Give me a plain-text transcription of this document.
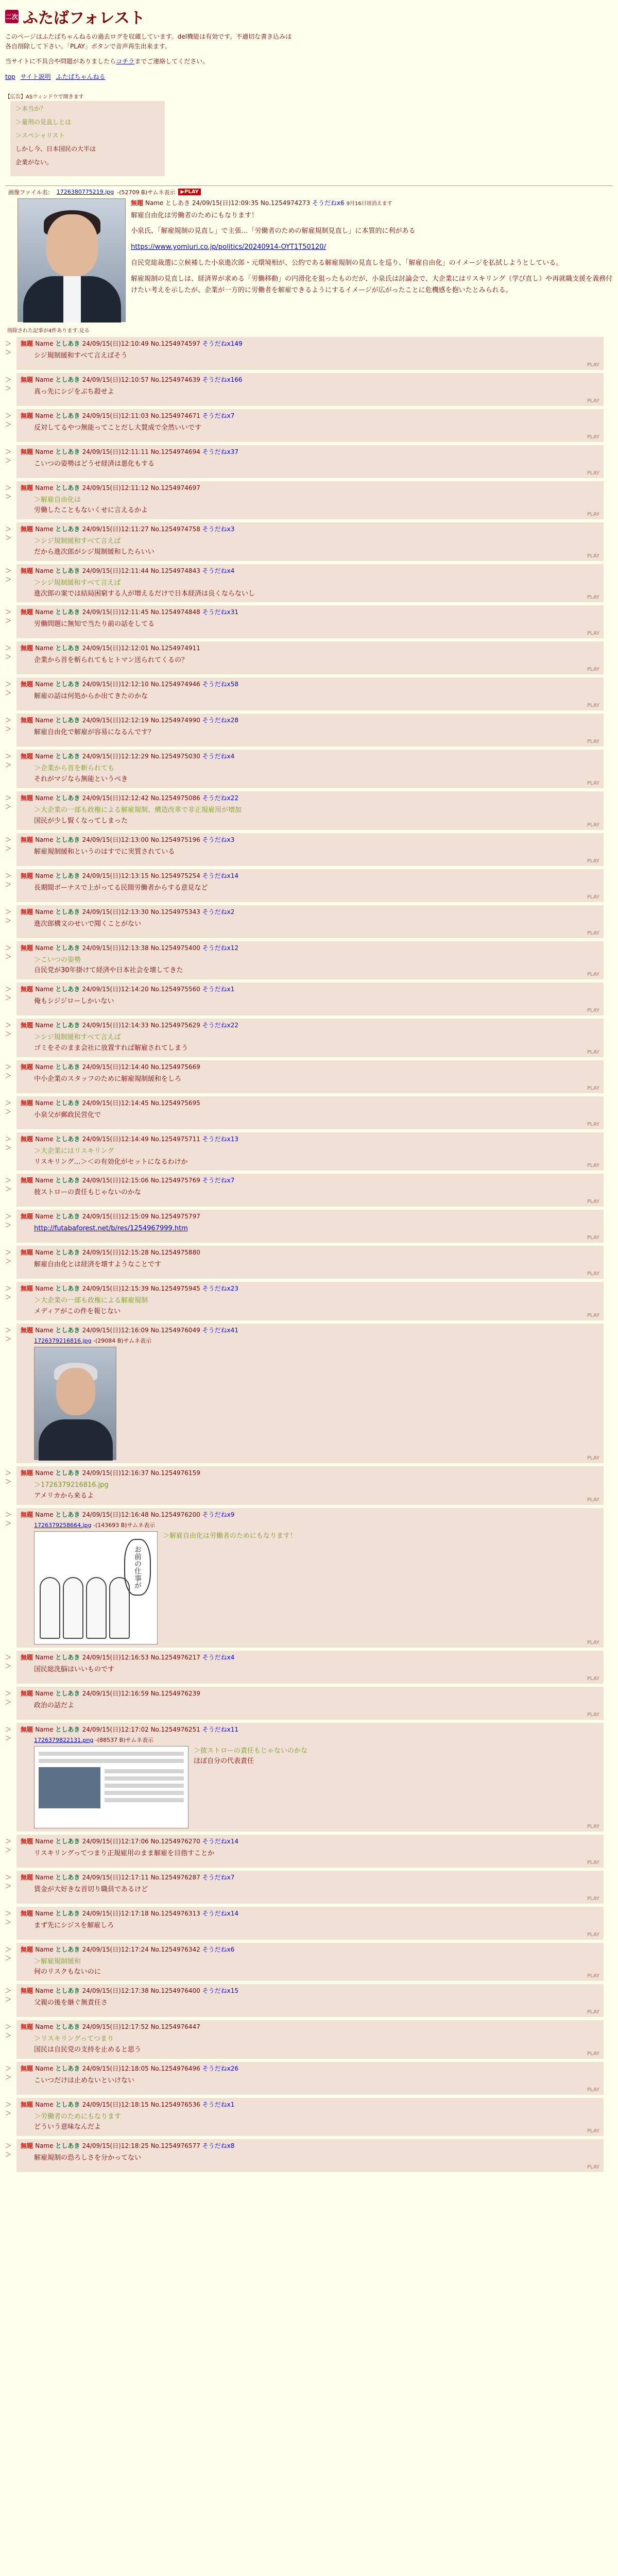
二次 ふたばフォレスト

このページはふたばちゃんねるの過去ログを収蔵しています。del機能は有効です。不適切な書き込みは各自削除して下さい。「PLAY」ボタンで音声再生出来ます。

当サイトに不具合や問題がありましたらコチラまでご連絡してください。

top サイト説明 ふたばちゃんねる
【広告】ASウィンドウで開きます

＞本当か？

＞量刑の見直しとは

＞スペシャリスト

しかし今、日本国民の大半は

企業がない。

画像ファイル名： 1726380775219.jpg -(52709 B)サムネ表示	▶PLAY
無題 Name としあき 24/09/15(日)12:09:35 No.1254974273 そうだねx6 9月16日頃消えます

解雇自由化は労働者のためにもなります！

小泉氏、「解雇規制の見直し」で主張…「労働者のための解雇規制見直し」に本質的に利がある

https://www.yomiuri.co.jp/politics/20240914-OYT1T50120/

自民党総裁選に立候補した小泉進次郎・元環境相が、公約である解雇規制の見直しを巡り、「解雇自由化」のイメージを払拭しようとしている。

解雇規制の見直しは、経済界が求める「労働移動」の円滑化を狙ったものだが、小泉氏は討論会で、大企業にはリスキリング（学び直し）や再就職支援を義務付けたい考えを示したが、企業が一方的に労働者を解雇できるようにするイメージが広がったことに危機感を抱いたとみられる。

削除された記事が4件あります.見る
＞＞
無題 Name としあき 24/09/15(日)12:10:49 No.1254974597 そうだねx149
シジ規制緩和すべて言えばそう
PLAY
＞＞
無題 Name としあき 24/09/15(日)12:10:57 No.1254974639 そうだねx166
真っ先にシジをぶち殺せよ
PLAY
＞＞
無題 Name としあき 24/09/15(日)12:11:03 No.1254974671 そうだねx7
反対してるやつ無能ってことだし大賛成で全然いいです
PLAY
＞＞
無題 Name としあき 24/09/15(日)12:11:11 No.1254974694 そうだねx37
こいつの姿勢はどうせ経済は悪化もする
PLAY
＞＞
無題 Name としあき 24/09/15(日)12:11:12 No.1254974697
＞解雇自由化は
労働したこともないくせに言えるかよ
PLAY
＞＞
無題 Name としあき 24/09/15(日)12:11:27 No.1254974758 そうだねx3
＞シジ規制緩和すべて言えば
だから進次郎がシジ規制緩和したらいい
PLAY
＞＞
無題 Name としあき 24/09/15(日)12:11:44 No.1254974843 そうだねx4
＞シジ規制緩和すべて言えば
進次郎の案では結局困窮する人が増えるだけで日本経済は良くならないし
PLAY
＞＞
無題 Name としあき 24/09/15(日)12:11:45 No.1254974848 そうだねx31
労働問題に無知で当たり前の話をしてる
PLAY
＞＞
無題 Name としあき 24/09/15(日)12:12:01 No.1254974911
企業から首を斬られてもヒトマン送られてくるの？
PLAY
＞＞
無題 Name としあき 24/09/15(日)12:12:10 No.1254974946 そうだねx58
解雇の話は何処からか出てきたのかな
PLAY
＞＞
無題 Name としあき 24/09/15(日)12:12:19 No.1254974990 そうだねx28
解雇自由化で解雇が容易になるんです？
PLAY
＞＞
無題 Name としあき 24/09/15(日)12:12:29 No.1254975030 そうだねx4
＞企業から首を斬られても
それがマジなら無能というべき
PLAY
＞＞
無題 Name としあき 24/09/15(日)12:12:42 No.1254975086 そうだねx22
＞大企業の一部も政権による解雇規制、構造改革で非正規雇用が増加
国民が少し賢くなってしまった
PLAY
＞＞
無題 Name としあき 24/09/15(日)12:13:00 No.1254975196 そうだねx3
解雇規制緩和というのはすでに実質されている
PLAY
＞＞
無題 Name としあき 24/09/15(日)12:13:15 No.1254975254 そうだねx14
長期間ボーナスで上がってる民間労働者からする意見など
PLAY
＞＞
無題 Name としあき 24/09/15(日)12:13:30 No.1254975343 そうだねx2
進次郎構文のせいで聞くことがない
PLAY
＞＞
無題 Name としあき 24/09/15(日)12:13:38 No.1254975400 そうだねx12
＞こいつの姿勢
自民党が30年掛けて経済や日本社会を壊してきた
PLAY
＞＞
無題 Name としあき 24/09/15(日)12:14:20 No.1254975560 そうだねx1
俺もシジジローしかいない
PLAY
＞＞
無題 Name としあき 24/09/15(日)12:14:33 No.1254975629 そうだねx22
＞シジ規制緩和すべて言えば
ゴミをそのまま会社に放置すれば解雇されてしまう
PLAY
＞＞
無題 Name としあき 24/09/15(日)12:14:40 No.1254975669
中小企業のスタッフのために解雇規制緩和をしろ
PLAY
＞＞
無題 Name としあき 24/09/15(日)12:14:45 No.1254975695
小泉父が郵政民営化で
PLAY
＞＞
無題 Name としあき 24/09/15(日)12:14:49 No.1254975711 そうだねx13
＞大企業にはリスキリング
リスキリング…＞＜の有効化がセットになるわけか
PLAY
＞＞
無題 Name としあき 24/09/15(日)12:15:06 No.1254975769 そうだねx7
彼ストローの責任もじゃないのかな
PLAY
＞＞
無題 Name としあき 24/09/15(日)12:15:09 No.1254975797
http://futabaforest.net/b/res/1254967999.htm
PLAY
＞＞
無題 Name としあき 24/09/15(日)12:15:28 No.1254975880
解雇自由化とは経済を壊すようなことです
PLAY
＞＞
無題 Name としあき 24/09/15(日)12:15:39 No.1254975945 そうだねx23
＞大企業の一部も政権による解雇規制
メディアがこの件を報じない
PLAY
＞＞
無題 Name としあき 24/09/15(日)12:16:09 No.1254976049 そうだねx41
1726379216816.jpg -(29084 B)サムネ表示
PLAY
＞＞
無題 Name としあき 24/09/15(日)12:16:37 No.1254976159
＞1726379216816.jpg
アメリカから来るよ
PLAY
＞＞
無題 Name としあき 24/09/15(日)12:16:48 No.1254976200 そうだねx9
1726379258664.jpg -(143693 B)サムネ表示
お前の仕事が
＞解雇自由化は労働者のためにもなります！
PLAY
＞＞
無題 Name としあき 24/09/15(日)12:16:53 No.1254976217 そうだねx4
国民総洗脳はいいものです
PLAY
＞＞
無題 Name としあき 24/09/15(日)12:16:59 No.1254976239
政治の話だよ
PLAY
＞＞
無題 Name としあき 24/09/15(日)12:17:02 No.1254976251 そうだねx11
1726379822131.png -(88537 B)サムネ表示
＞彼ストローの責任もじゃないのかな
ほぼ自分の代表責任
PLAY
＞＞
無題 Name としあき 24/09/15(日)12:17:06 No.1254976270 そうだねx14
リスキリングってつまり正規雇用のまま解雇を目指すことか
PLAY
＞＞
無題 Name としあき 24/09/15(日)12:17:11 No.1254976287 そうだねx7
賃金が大好きな首切り職員であるけど
PLAY
＞＞
無題 Name としあき 24/09/15(日)12:17:18 No.1254976313 そうだねx14
まず先にシジスを解雇しろ
PLAY
＞＞
無題 Name としあき 24/09/15(日)12:17:24 No.1254976342 そうだねx6
＞解雇規制緩和
何のリスクもないのに
PLAY
＞＞
無題 Name としあき 24/09/15(日)12:17:38 No.1254976400 そうだねx15
父親の後を継ぐ無責任さ
PLAY
＞＞
無題 Name としあき 24/09/15(日)12:17:52 No.1254976447
＞リスキリングってつまり
国民は自民党の支持を止めると思う
PLAY
＞＞
無題 Name としあき 24/09/15(日)12:18:05 No.1254976496 そうだねx26
こいつだけは止めないといけない
PLAY
＞＞
無題 Name としあき 24/09/15(日)12:18:15 No.1254976536 そうだねx1
＞労働者のためにもなります
どういう意味なんだよ
PLAY
＞＞
無題 Name としあき 24/09/15(日)12:18:25 No.1254976577 そうだねx8
解雇規制の恐ろしさを分かってない
PLAY
